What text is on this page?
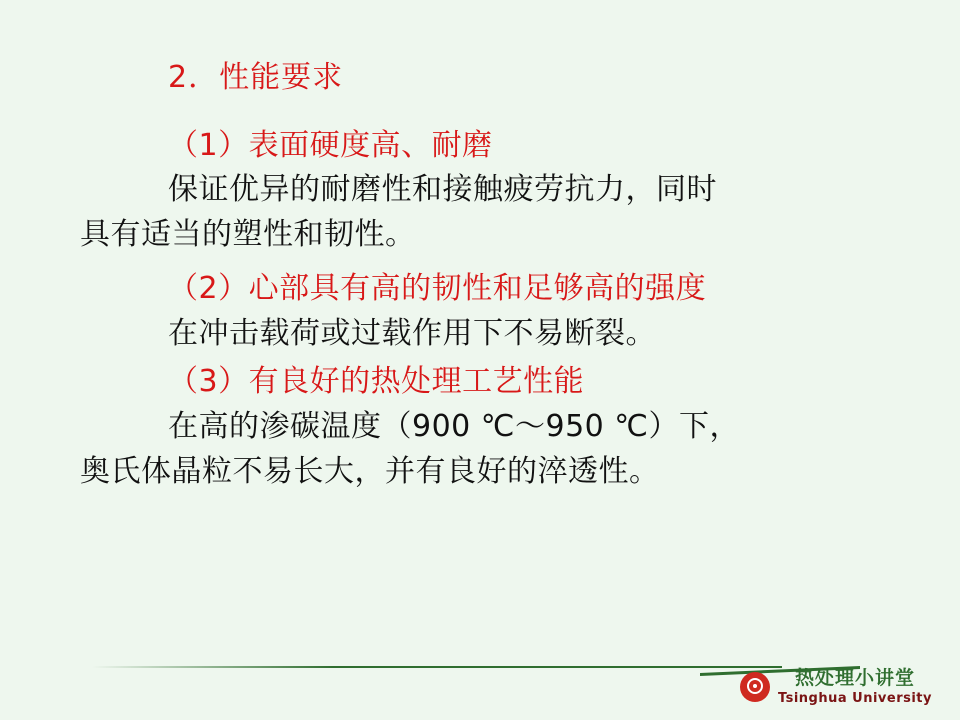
2．性能要求
（1）表面硬度高、耐磨
保证优异的耐磨性和接触疲劳抗力，同时
具有适当的塑性和韧性。
（2）心部具有高的韧性和足够高的强度
在冲击载荷或过载作用下不易断裂。
（3）有良好的热处理工艺性能
在高的渗碳温度（900 ℃～950 ℃）下，
奥氏体晶粒不易长大，并有良好的淬透性。
热处理小讲堂
Tsinghua University
